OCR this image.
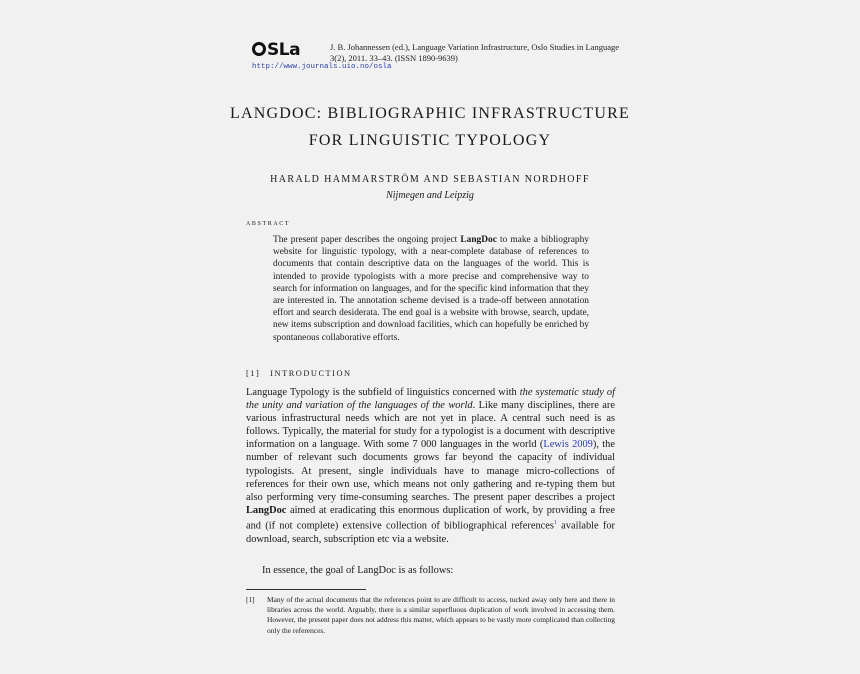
SLa	J. B. Johannessen (ed.), Language Variation Infrastructure, Oslo Studies in Language 3(2), 2011. 33–43. (ISSN 1890-9639)
http://www.journals.uio.no/osla
LANGDOC: BIBLIOGRAPHIC INFRASTRUCTURE
FOR LINGUISTIC TYPOLOGY
HARALD HAMMARSTRÖM AND SEBASTIAN NORDHOFF
Nijmegen and Leipzig
abstract
The present paper describes the ongoing project LangDoc to make a bibliography website for linguistic typology, with a near-complete database of references to documents that contain descriptive data on the languages of the world. This is intended to provide typologists with a more precise and comprehensive way to search for information on languages, and for the specific kind information that they are interested in. The annotation scheme devised is a trade-off between annotation effort and search desiderata. The end goal is a website with browse, search, update, new items subscription and download facilities, which can hopefully be enriched by spontaneous collaborative efforts.
[1] INTRODUCTION
Language Typology is the subfield of linguistics concerned with the systematic study of the unity and variation of the languages of the world. Like many disciplines, there are various infrastructural needs which are not yet in place. A central such need is as follows. Typically, the material for study for a typologist is a document with descriptive information on a language. With some 7 000 languages in the world (Lewis 2009), the number of relevant such documents grows far beyond the capacity of individual typologists. At present, single individuals have to manage micro-collections of references for their own use, which means not only gathering and re-typing them but also performing very time-consuming searches. The present paper describes a project LangDoc aimed at eradicating this enormous duplication of work, by providing a free and (if not complete) extensive collection of bibliographical references$^1$ available for download, search, subscription etc via a website.
In essence, the goal of LangDoc is as follows:
[1] Many of the actual documents that the references point to are difficult to access, tucked away only here and there in libraries across the world. Arguably, there is a similar superfluous duplication of work involved in accessing them. However, the present paper does not address this matter, which appears to be vastly more complicated than collecting only the references.
